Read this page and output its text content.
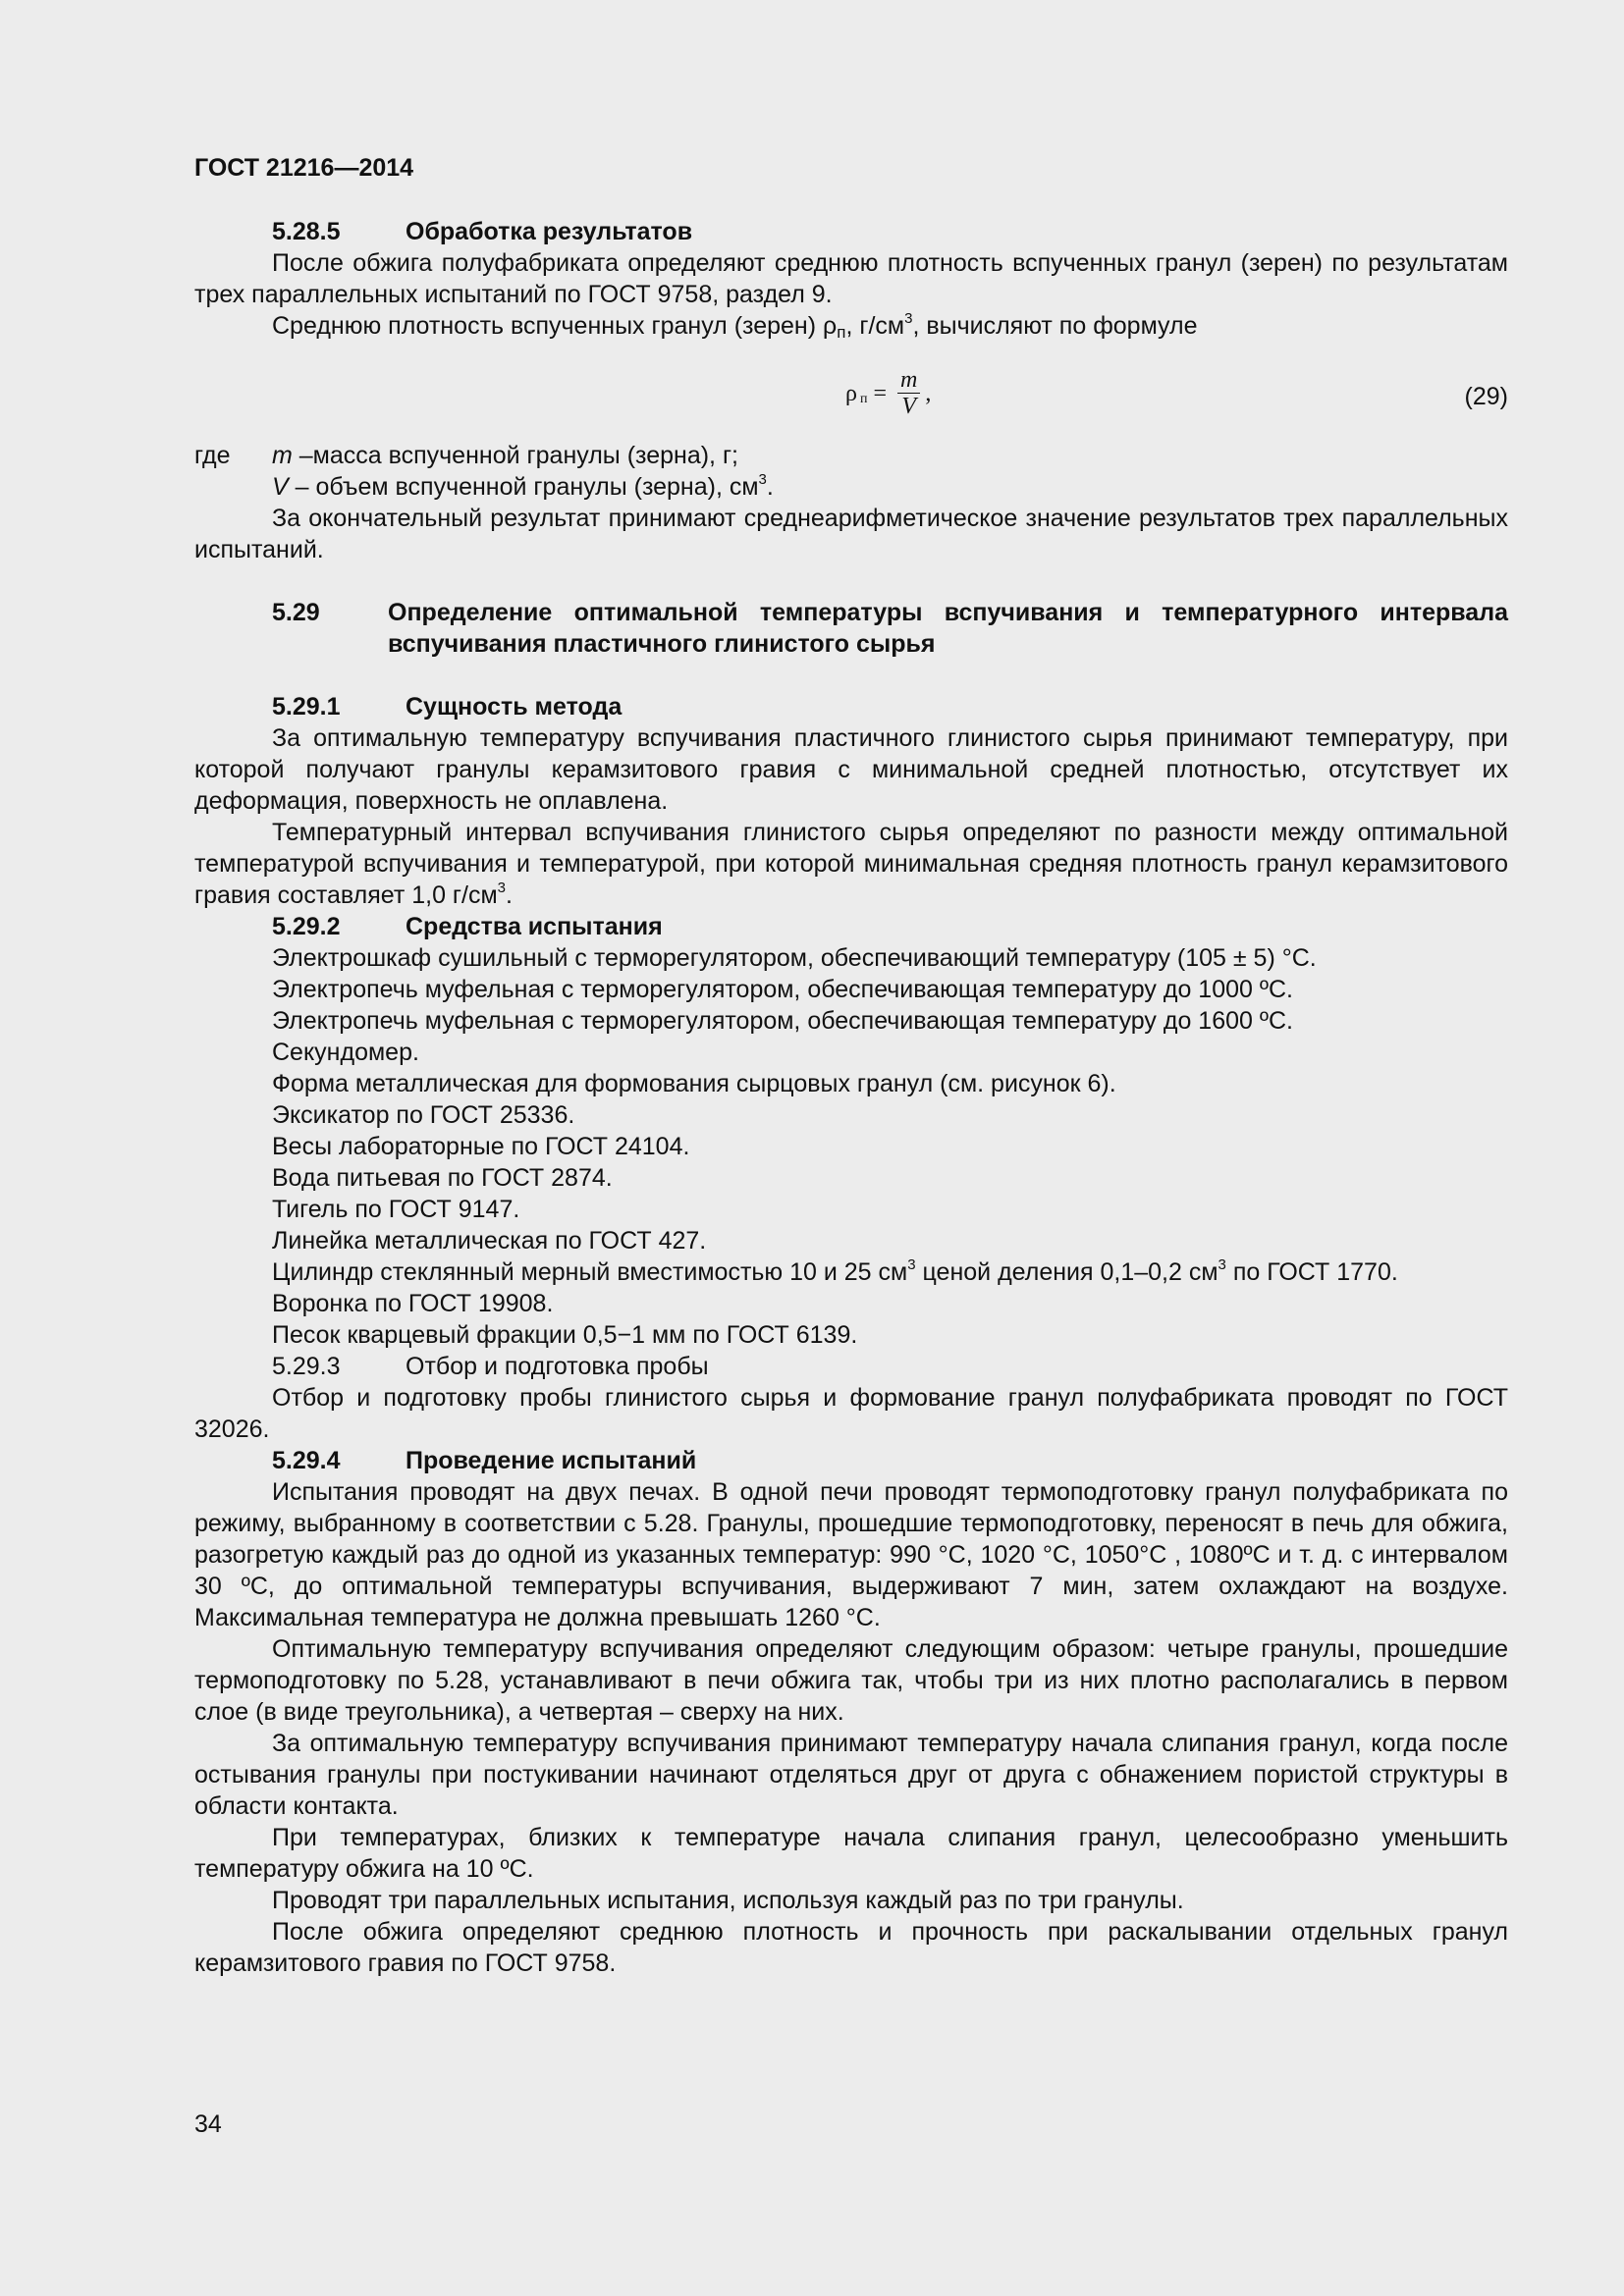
ГОСТ 21216—2014
5.28.5	Обработка результатов

После обжига полуфабриката определяют среднюю плотность вспученных гранул (зерен) по результатам трех параллельных испытаний по ГОСТ 9758, раздел 9.

Среднюю плотность вспученных гранул (зерен) $\rho_п$, $г/см^3$, вычисляют по формуле

$\rho_п = \frac{m}{V}$ ,	(29)
где	m –масса вспученной гранулы (зерна), г;
V – объем вспученной гранулы (зерна), $см^3$.

За окончательный результат принимают среднеарифметическое значение результатов трех параллельных испытаний.

5.29	Определение оптимальной температуры вспучивания и температурного интервала вспучивания пластичного глинистого сырья
5.29.1	Сущность метода

За оптимальную температуру вспучивания пластичного глинистого сырья принимают температуру, при которой получают гранулы керамзитового гравия с минимальной средней плотностью, отсутствует их деформация, поверхность не оплавлена.

Температурный интервал вспучивания глинистого сырья определяют по разности между оптимальной температурой вспучивания и температурой, при которой минимальная средняя плотность гранул керамзитового гравия составляет 1,0 $г/см^3$.

5.29.2	Средства испытания

Электрошкаф сушильный с терморегулятором, обеспечивающий температуру (105 ± 5) °С.

Электропечь муфельная с терморегулятором, обеспечивающая температуру до 1000 ºС.

Электропечь муфельная с терморегулятором, обеспечивающая температуру до 1600 ºС.

Секундомер.

Форма металлическая для формования сырцовых гранул (см. рисунок 6).

Эксикатор по ГОСТ 25336.

Весы лабораторные по ГОСТ 24104.

Вода питьевая по ГОСТ 2874.

Тигель по ГОСТ 9147.

Линейка металлическая по ГОСТ 427.

Цилиндр стеклянный мерный вместимостью 10 и 25 $см^3$ ценой деления 0,1–0,2 $см^3$ по ГОСТ 1770.

Воронка по ГОСТ 19908.

Песок кварцевый фракции 0,5−1 мм по ГОСТ 6139.

5.29.3	Отбор и подготовка пробы

Отбор и подготовку пробы глинистого сырья и формование гранул полуфабриката проводят по ГОСТ 32026.

5.29.4	Проведение испытаний

Испытания проводят на двух печах. В одной печи проводят термоподготовку гранул полуфабриката по режиму, выбранному в соответствии с 5.28. Гранулы, прошедшие термоподготовку, переносят в печь для обжига, разогретую каждый раз до одной из указанных температур: 990 °С, 1020 °С, 1050°С , 1080ºС и т. д. с интервалом 30 ºС, до оптимальной температуры вспучивания, выдерживают 7 мин, затем охлаждают на воздухе. Максимальная температура не должна превышать 1260 °С.

Оптимальную температуру вспучивания определяют следующим образом: четыре гранулы, прошедшие термоподготовку по 5.28, устанавливают в печи обжига так, чтобы три из них плотно располагались в первом слое (в виде треугольника), а четвертая – сверху на них.

За оптимальную температуру вспучивания принимают температуру начала слипания гранул, когда после остывания гранулы при постукивании начинают отделяться друг от друга с обнажением пористой структуры в области контакта.

При температурах, близких к температуре начала слипания гранул, целесообразно уменьшить температуру обжига на 10 ºС.

Проводят три параллельных испытания, используя каждый раз по три гранулы.

После обжига определяют среднюю плотность и прочность при раскалывании отдельных гранул керамзитового гравия по ГОСТ 9758.

34
